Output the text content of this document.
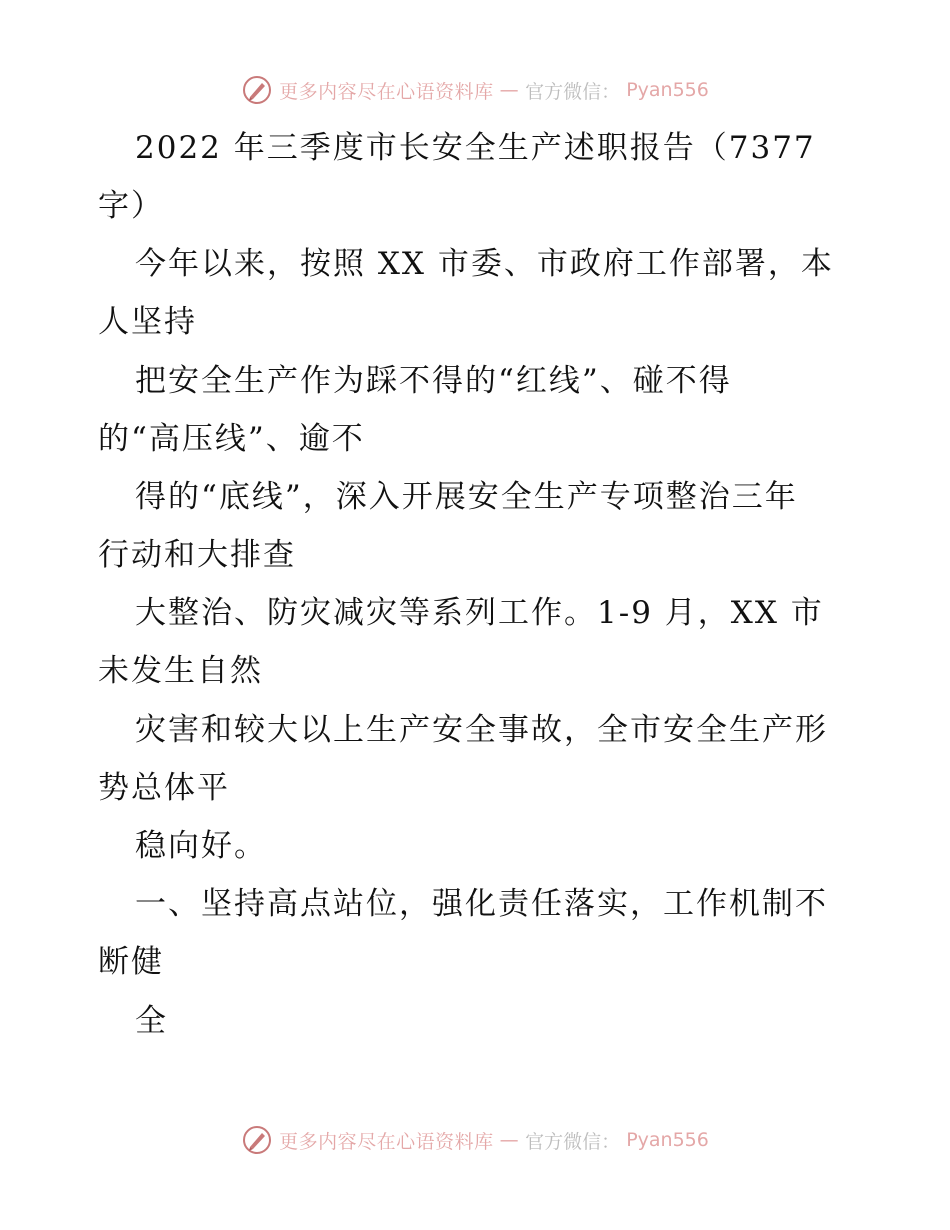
更多内容尽在心语资料库 — 官方微信： Pyan556
2022 年三季度市长安全生产述职报告（7377
字）
今年以来，按照 XX 市委、市政府工作部署，本
人坚持
把安全生产作为踩不得的“红线”、碰不得
的“高压线”、逾不
得的“底线”，深入开展安全生产专项整治三年
行动和大排查
大整治、防灾减灾等系列工作。1-9 月，XX 市
未发生自然
灾害和较大以上生产安全事故，全市安全生产形
势总体平
稳向好。
一、坚持高点站位，强化责任落实，工作机制不
断健
全
更多内容尽在心语资料库 — 官方微信： Pyan556
